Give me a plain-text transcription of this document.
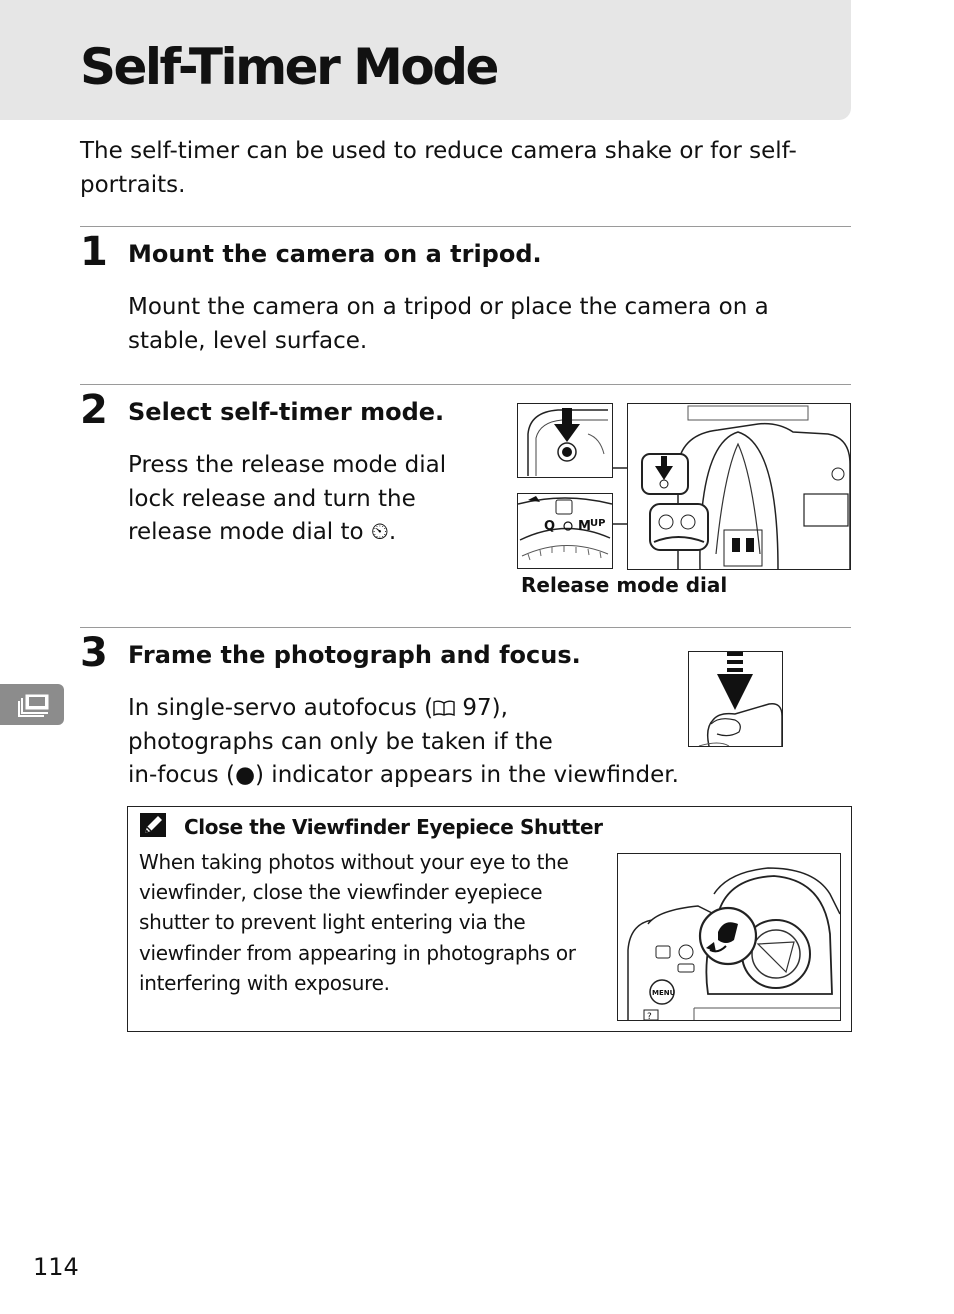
Self-Timer Mode

The self-timer can be used to reduce camera shake or for self-portraits.

1 Mount the camera on a tripod.

Mount the camera on a tripod or place the camera on a stable, level surface.

2 Select self-timer mode.

Press the release mode dial
lock release and turn the
release mode dial to ⏲.	Q M UP
Release mode dial
3 Frame the photograph and focus.

In single-servo autofocus ( 97),
photographs can only be taken if the
in-focus (●) indicator appears in the viewfinder.

Close the Viewfinder Eyepiece Shutter

When taking photos without your eye to the viewfinder, close the viewfinder eyepiece shutter to prevent light entering via the viewfinder from appearing in photographs or interfering with exposure.	MENU
?
114
